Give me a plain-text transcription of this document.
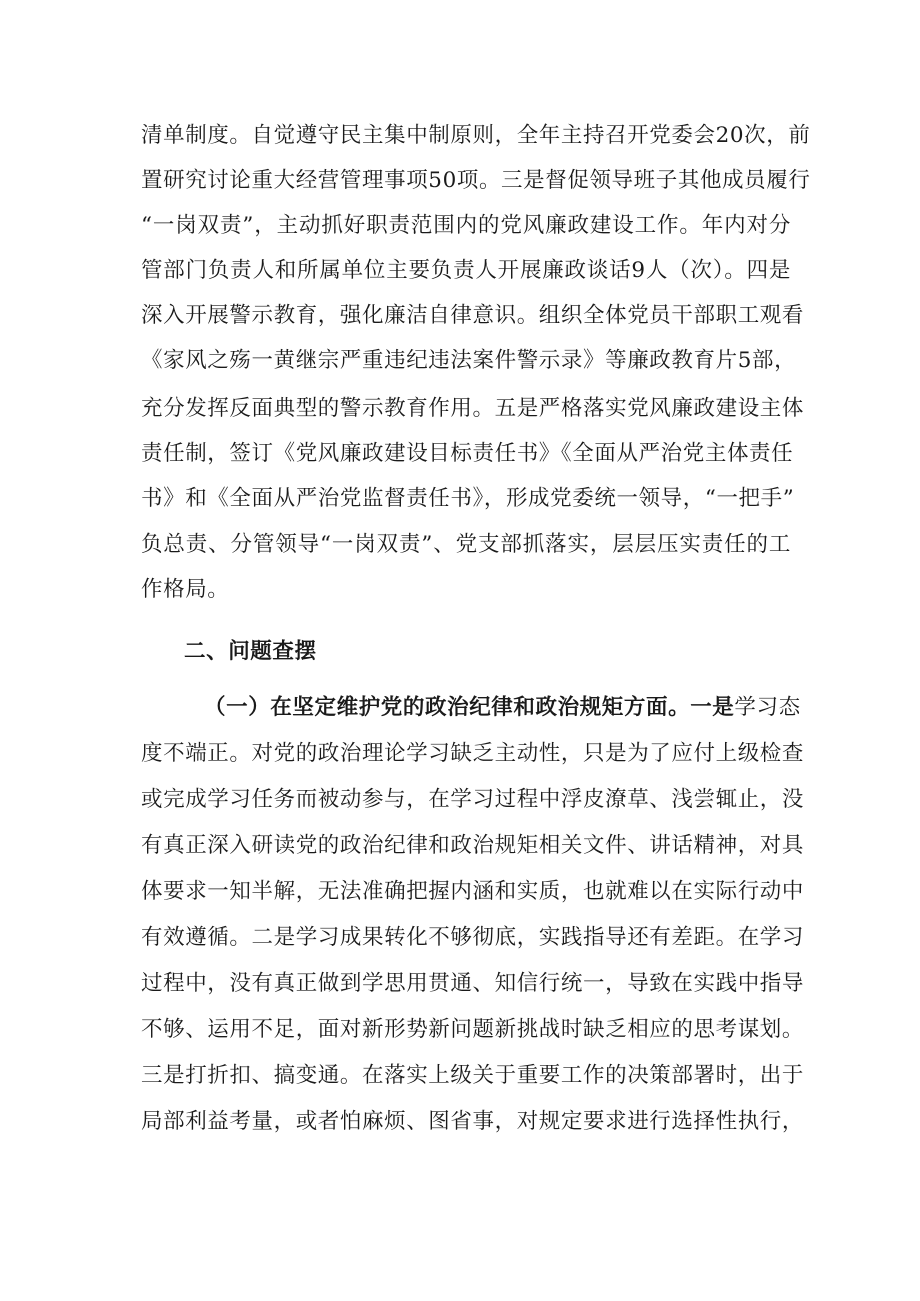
清单制度。自觉遵守民主集中制原则，全年主持召开党委会20次，前
置研究讨论重大经营管理事项50项。三是督促领导班子其他成员履行
“一岗双责”，主动抓好职责范围内的党风廉政建设工作。年内对分
管部门负责人和所属单位主要负责人开展廉政谈话9人（次）。四是
深入开展警示教育，强化廉洁自律意识。组织全体党员干部职工观看
《家风之殇一黄继宗严重违纪违法案件警示录》等廉政教育片5部，
充分发挥反面典型的警示教育作用。五是严格落实党风廉政建设主体
责任制，签订《党风廉政建设目标责任书》《全面从严治党主体责任
书》和《全面从严治党监督责任书》，形成党委统一领导，“一把手”
负总责、分管领导“一岗双责”、党支部抓落实，层层压实责任的工
作格局。
二、问题查摆
（一）在坚定维护党的政治纪律和政治规矩方面。一是学习态
度不端正。对党的政治理论学习缺乏主动性，只是为了应付上级检查
或完成学习任务而被动参与，在学习过程中浮皮潦草、浅尝辄止，没
有真正深入研读党的政治纪律和政治规矩相关文件、讲话精神，对具
体要求一知半解，无法准确把握内涵和实质，也就难以在实际行动中
有效遵循。二是学习成果转化不够彻底，实践指导还有差距。在学习
过程中，没有真正做到学思用贯通、知信行统一，导致在实践中指导
不够、运用不足，面对新形势新问题新挑战时缺乏相应的思考谋划。
三是打折扣、搞变通。在落实上级关于重要工作的决策部署时，出于
局部利益考量，或者怕麻烦、图省事，对规定要求进行选择性执行，
